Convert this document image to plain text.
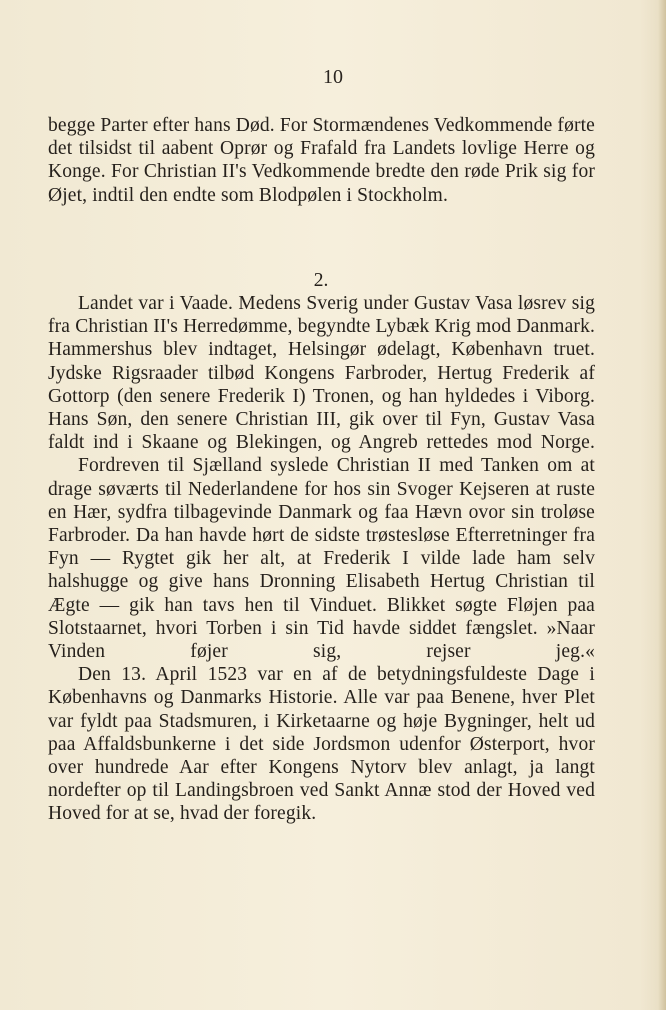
10

begge Parter efter hans Død. For Stormændenes Vedkommende førte det tilsidst til aabent Oprør og Frafald fra Landets lovlige Herre og Konge. For Christian II's Vedkommende bredte den røde Prik sig for Øjet, indtil den endte som Blodpølen i Stockholm.

2.

Landet var i Vaade. Medens Sverig under Gustav Vasa løsrev sig fra Christian II's Herredømme, begyndte Lybæk Krig mod Danmark. Hammershus blev indtaget, Helsingør ødelagt, København truet. Jydske Rigsraader tilbød Kongens Farbroder, Hertug Frederik af Gottorp (den senere Frederik I) Tronen, og han hyldedes i Viborg. Hans Søn, den senere Christian III, gik over til Fyn, Gustav Vasa faldt ind i Skaane og Blekingen, og Angreb rettedes mod Norge.

Fordreven til Sjælland syslede Christian II med Tanken om at drage søværts til Nederlandene for hos sin Svoger Kejseren at ruste en Hær, sydfra tilbagevinde Danmark og faa Hævn ovor sin troløse Farbroder. Da han havde hørt de sidste trøstesløse Efterretninger fra Fyn — Rygtet gik her alt, at Frederik I vilde lade ham selv halshugge og give hans Dronning Elisabeth Hertug Christian til Ægte — gik han tavs hen til Vinduet. Blikket søgte Fløjen paa Slotstaarnet, hvori Torben i sin Tid havde siddet fængslet. »Naar Vinden føjer sig, rejser jeg.«

Den 13. April 1523 var en af de betydningsfuldeste Dage i Københavns og Danmarks Historie. Alle var paa Benene, hver Plet var fyldt paa Stadsmuren, i Kirketaarne og høje Bygninger, helt ud paa Affaldsbunkerne i det side Jordsmon udenfor Østerport, hvor over hundrede Aar efter Kongens Nytorv blev anlagt, ja langt nordefter op til Landingsbroen ved Sankt Annæ stod der Hoved ved Hoved for at se, hvad der foregik.
